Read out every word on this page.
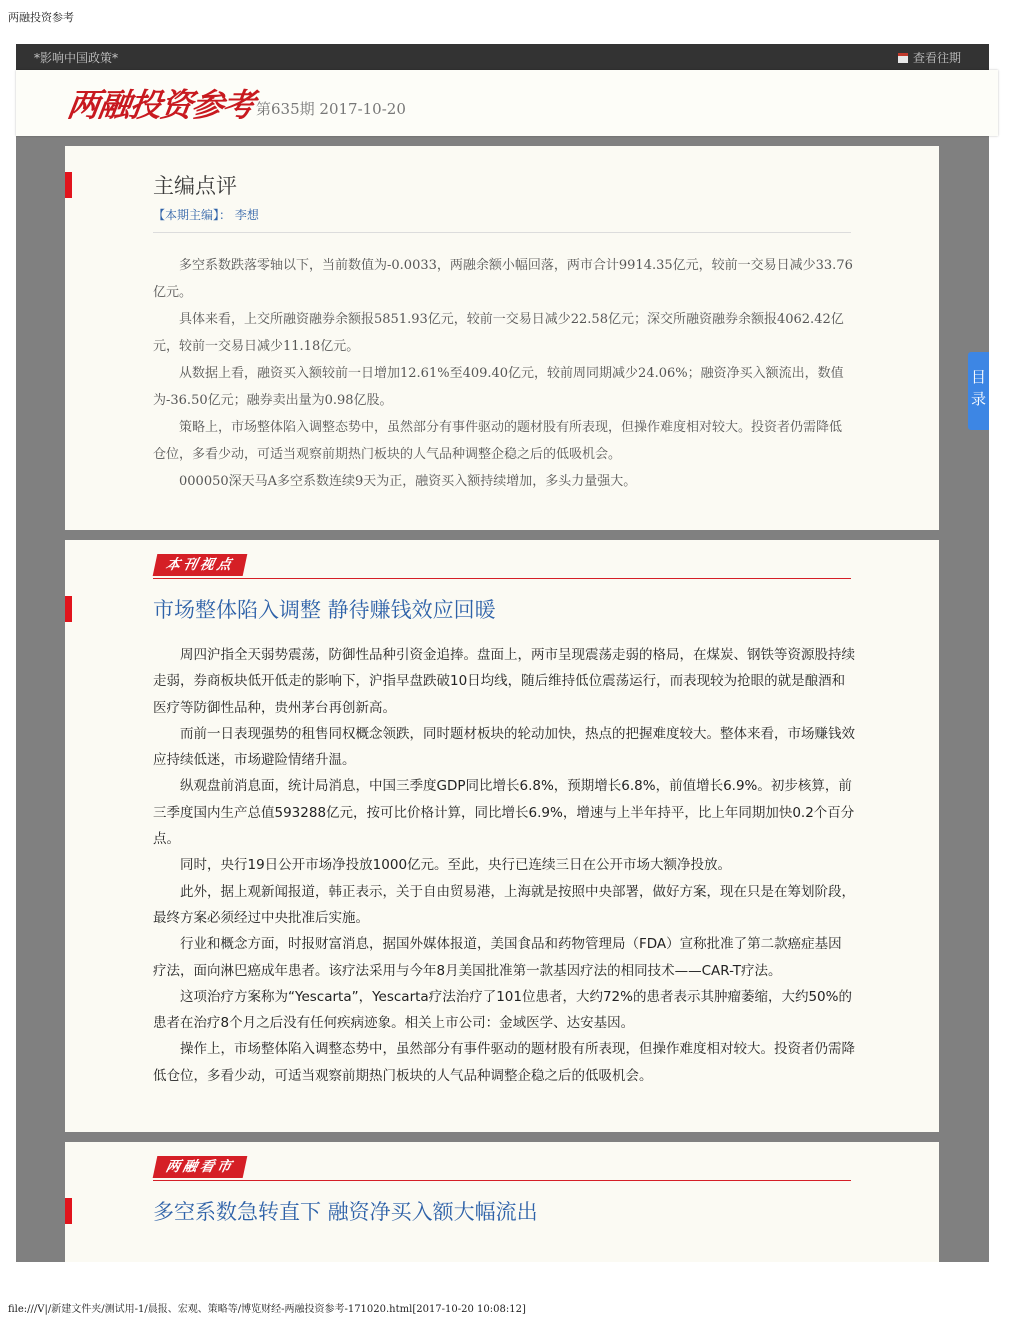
两融投资参考
*影响中国政策*	查看往期
两融投资参考 第635期 2017-10-20
主编点评
【本期主编】： 李想

多空系数跌落零轴以下，当前数值为-0.0033，两融余额小幅回落，两市合计9914.35亿元，较前一交易日减少33.76亿元。

具体来看，上交所融资融券余额报5851.93亿元，较前一交易日减少22.58亿元；深交所融资融券余额报4062.42亿元，较前一交易日减少11.18亿元。

从数据上看，融资买入额较前一日增加12.61%至409.40亿元，较前周同期减少24.06%；融资净买入额流出，数值为-36.50亿元；融券卖出量为0.98亿股。

策略上，市场整体陷入调整态势中，虽然部分有事件驱动的题材股有所表现，但操作难度相对较大。投资者仍需降低仓位，多看少动，可适当观察前期热门板块的人气品种调整企稳之后的低吸机会。

000050深天马A多空系数连续9天为正，融资买入额持续增加，多头力量强大。

本刊视点
市场整体陷入调整 静待赚钱效应回暖

周四沪指全天弱势震荡，防御性品种引资金追捧。盘面上，两市呈现震荡走弱的格局，在煤炭、钢铁等资源股持续走弱，券商板块低开低走的影响下，沪指早盘跌破10日均线，随后维持低位震荡运行，而表现较为抢眼的就是酿酒和医疗等防御性品种，贵州茅台再创新高。

而前一日表现强势的租售同权概念领跌，同时题材板块的轮动加快，热点的把握难度较大。整体来看，市场赚钱效应持续低迷，市场避险情绪升温。

纵观盘前消息面，统计局消息，中国三季度GDP同比增长6.8%，预期增长6.8%，前值增长6.9%。初步核算，前三季度国内生产总值593288亿元，按可比价格计算，同比增长6.9%，增速与上半年持平，比上年同期加快0.2个百分点。

同时，央行19日公开市场净投放1000亿元。至此，央行已连续三日在公开市场大额净投放。

此外，据上观新闻报道，韩正表示，关于自由贸易港，上海就是按照中央部署，做好方案，现在只是在筹划阶段，最终方案必须经过中央批准后实施。

行业和概念方面，时报财富消息，据国外媒体报道，美国食品和药物管理局（FDA）宣称批准了第二款癌症基因疗法，面向淋巴癌成年患者。该疗法采用与今年8月美国批准第一款基因疗法的相同技术——CAR-T疗法。

这项治疗方案称为“Yescarta”，Yescarta疗法治疗了101位患者，大约72%的患者表示其肿瘤萎缩，大约50%的患者在治疗8个月之后没有任何疾病迹象。相关上市公司：金域医学、达安基因。

操作上，市场整体陷入调整态势中，虽然部分有事件驱动的题材股有所表现，但操作难度相对较大。投资者仍需降低仓位，多看少动，可适当观察前期热门板块的人气品种调整企稳之后的低吸机会。

两融看市
多空系数急转直下 融资净买入额大幅流出
目
录
file:///V|/新建文件夹/测试用-1/晨报、宏观、策略等/博览财经-两融投资参考-171020.html[2017-10-20 10:08:12]
